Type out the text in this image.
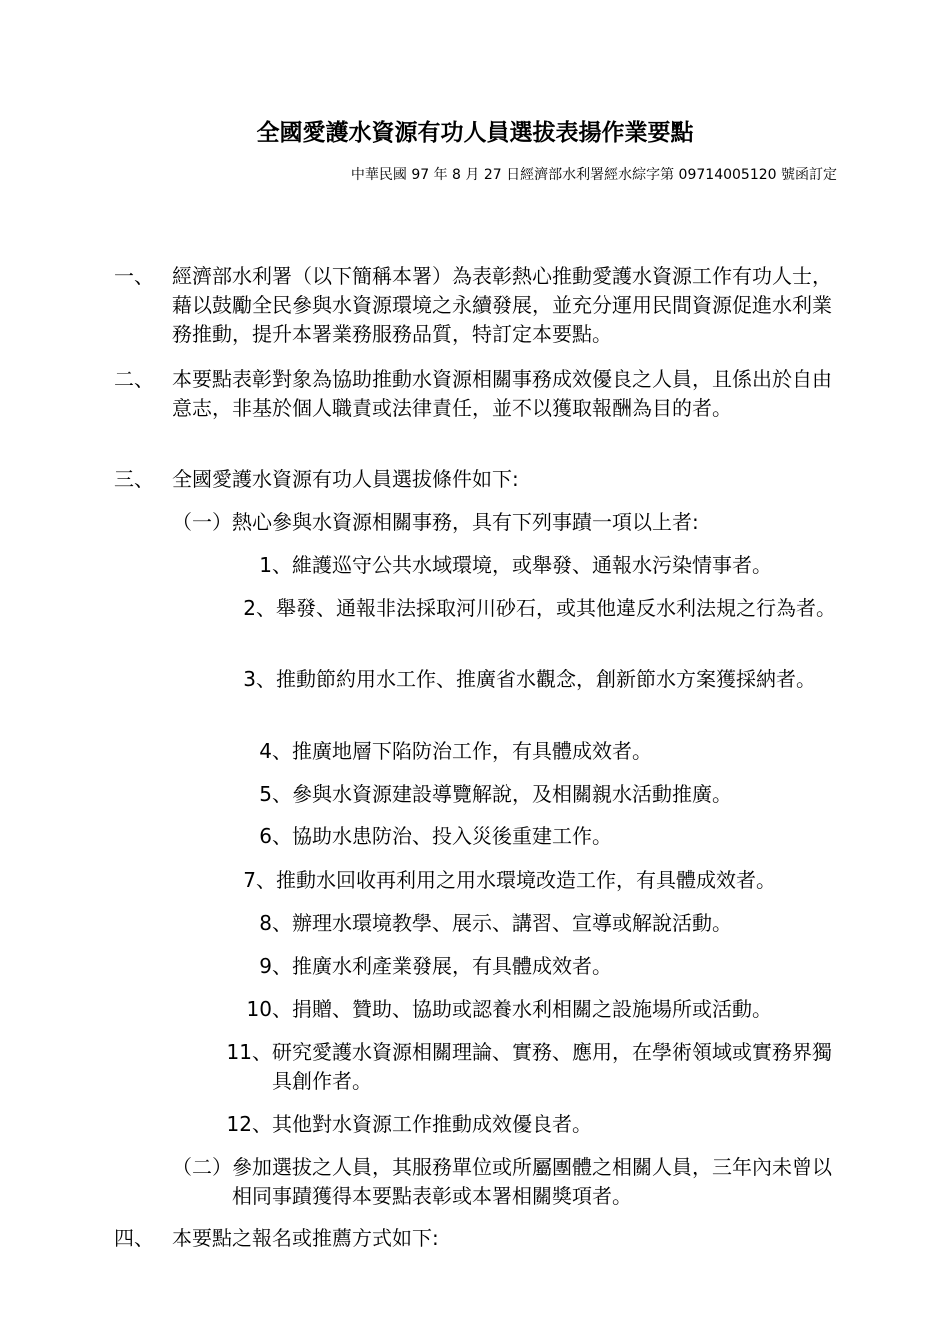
全國愛護水資源有功人員選拔表揚作業要點
中華民國 97 年 8 月 27 日經濟部水利署經水綜字第 09714005120 號函訂定
一、 經濟部水利署（以下簡稱本署）為表彰熱心推動愛護水資源工作有功人士，藉以鼓勵全民參與水資源環境之永續發展，並充分運用民間資源促進水利業務推動，提升本署業務服務品質，特訂定本要點。
二、 本要點表彰對象為協助推動水資源相關事務成效優良之人員，且係出於自由意志，非基於個人職責或法律責任，並不以獲取報酬為目的者。
三、 全國愛護水資源有功人員選拔條件如下:
（一） 熱心參與水資源相關事務，具有下列事蹟一項以上者:
1、 維護巡守公共水域環境，或舉發、通報水污染情事者。
2、 舉發、通報非法採取河川砂石，或其他違反水利法規之行為者。
3、 推動節約用水工作、推廣省水觀念，創新節水方案獲採納者。
4、 推廣地層下陷防治工作，有具體成效者。
5、 參與水資源建設導覽解說，及相關親水活動推廣。
6、 協助水患防治、投入災後重建工作。
7、 推動水回收再利用之用水環境改造工作，有具體成效者。
8、 辦理水環境教學、展示、講習、宣導或解說活動。
9、 推廣水利產業發展，有具體成效者。
10、 捐贈、贊助、協助或認養水利相關之設施場所或活動。
11、 研究愛護水資源相關理論、實務、應用，在學術領域或實務界獨具創作者。
12、 其他對水資源工作推動成效優良者。
（二） 參加選拔之人員，其服務單位或所屬團體之相關人員，三年內未曾以相同事蹟獲得本要點表彰或本署相關獎項者。
四、 本要點之報名或推薦方式如下:
